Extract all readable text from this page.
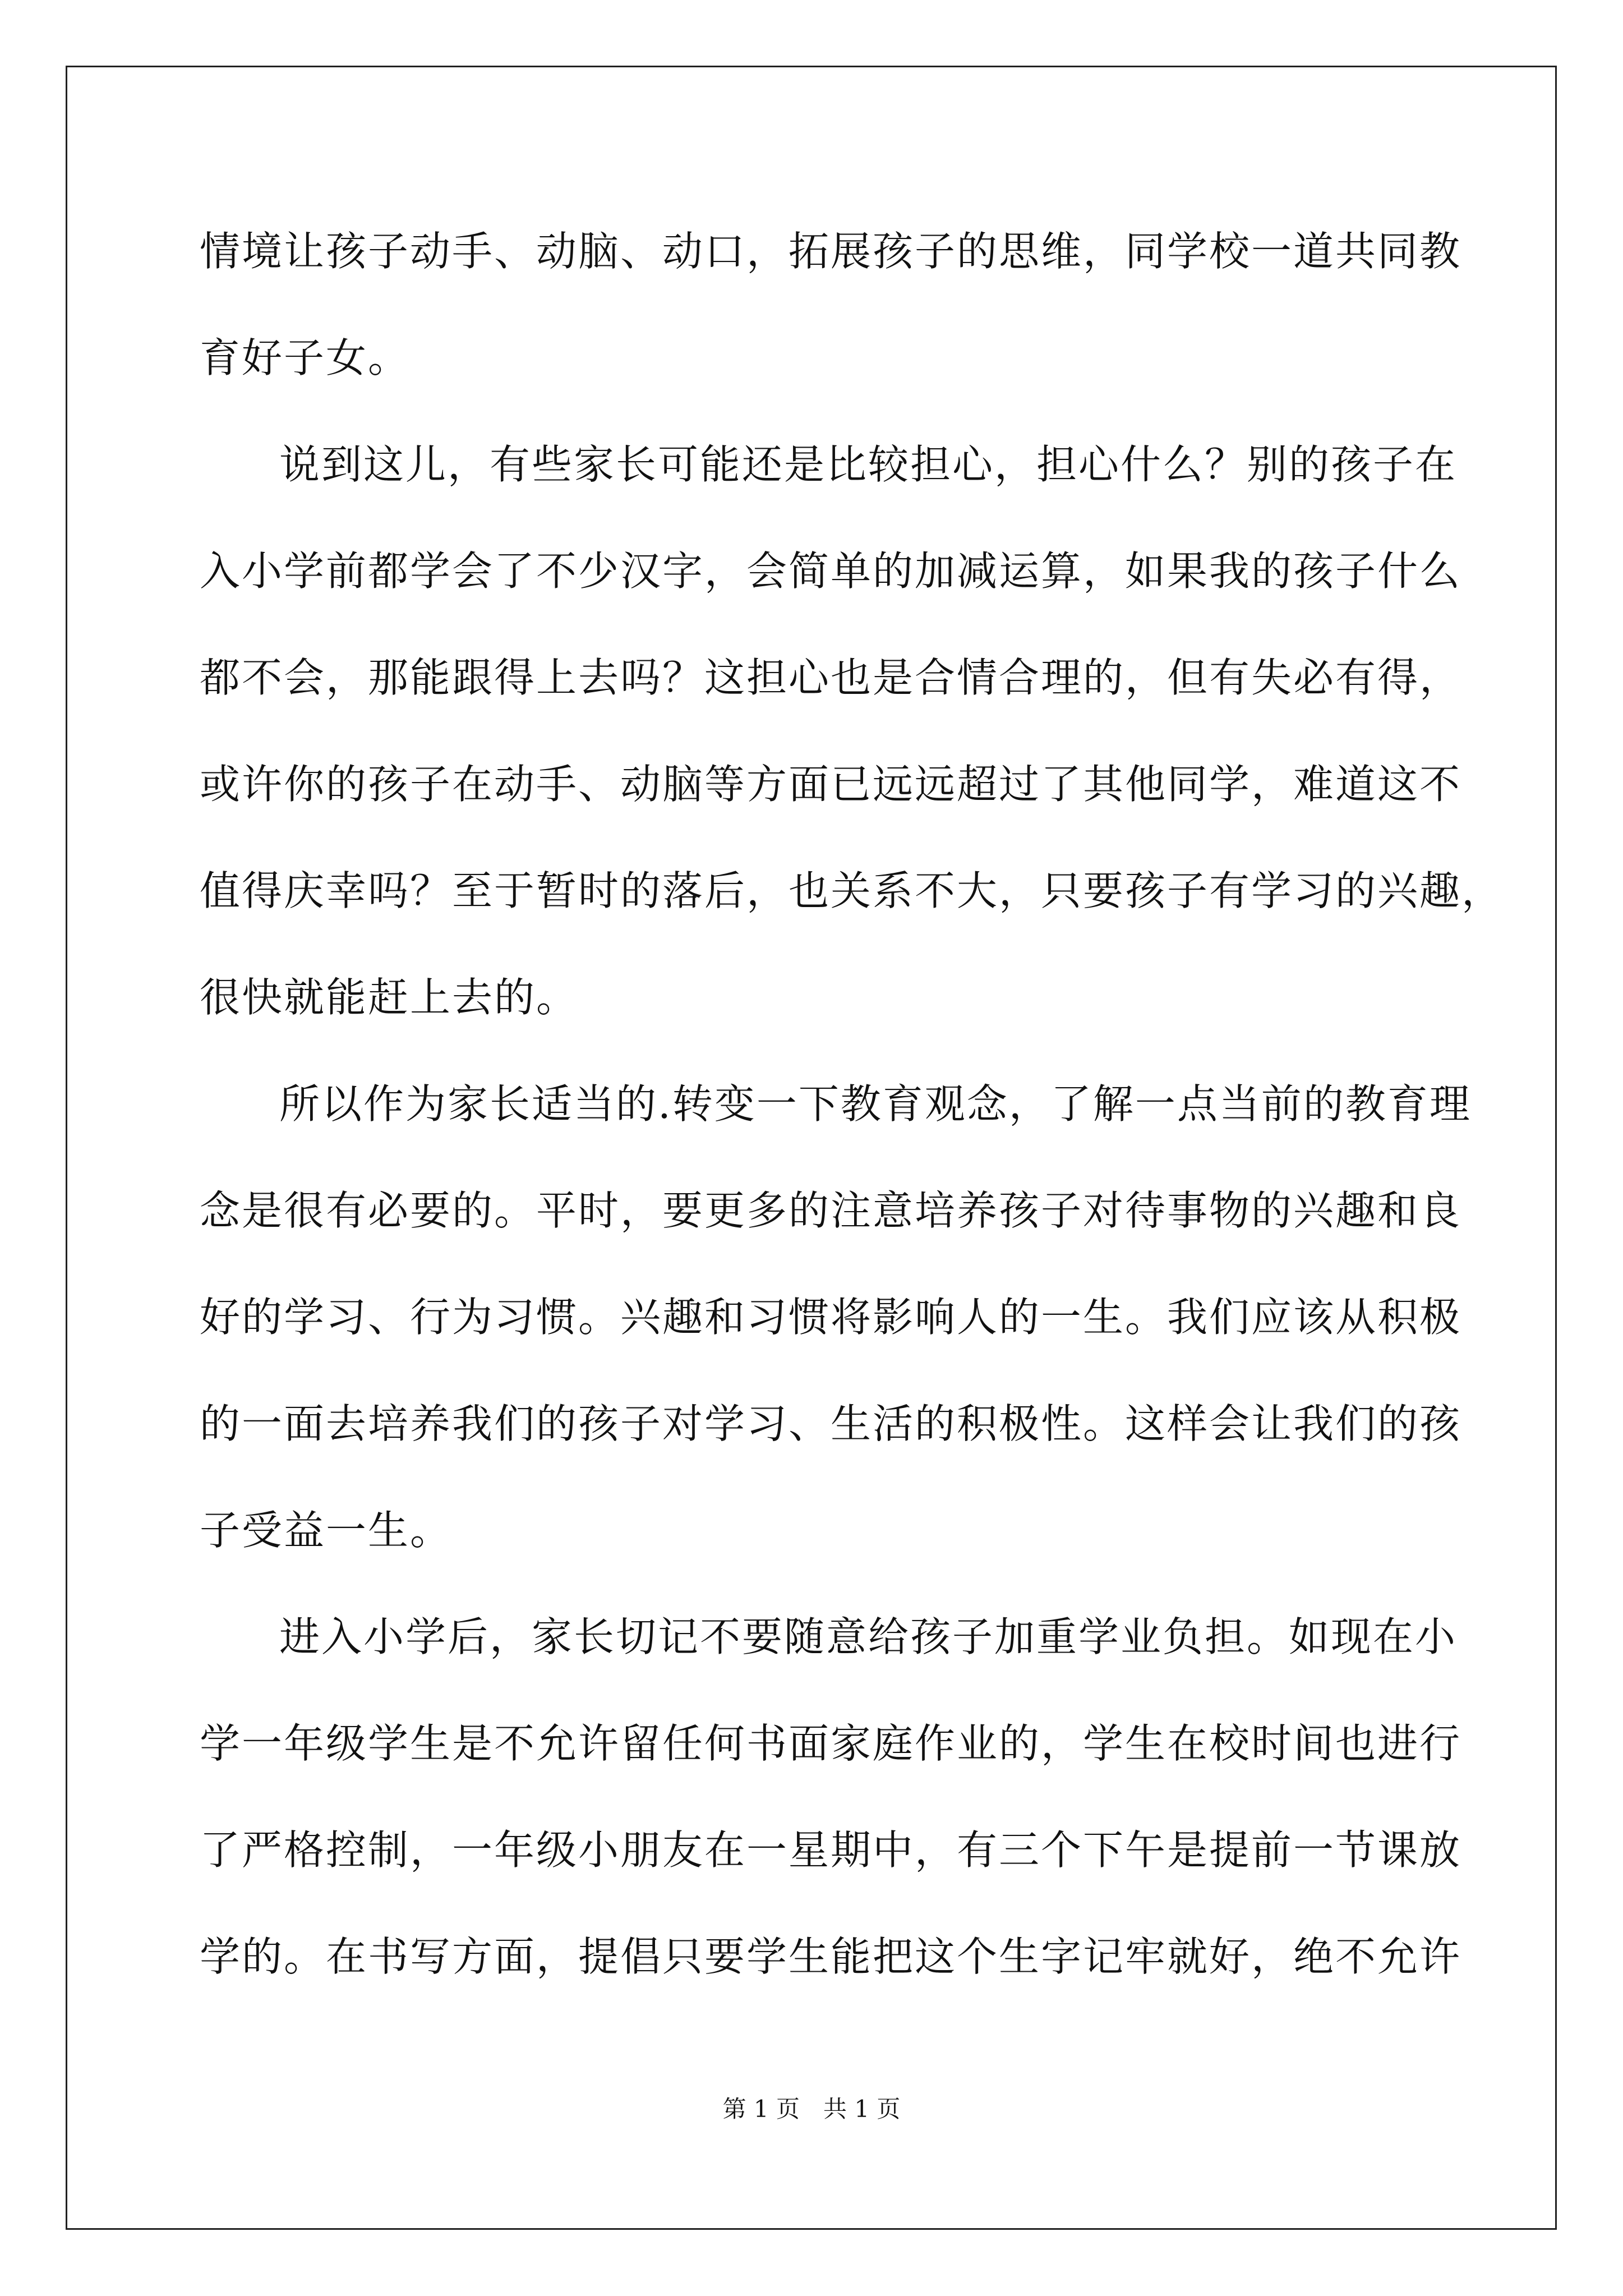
情境让孩子动手、动脑、动口，拓展孩子的思维，同学校一道共同教
育好子女。
说到这儿，有些家长可能还是比较担心，担心什么？别的孩子在
入小学前都学会了不少汉字，会简单的加减运算，如果我的孩子什么
都不会，那能跟得上去吗？这担心也是合情合理的，但有失必有得，
或许你的孩子在动手、动脑等方面已远远超过了其他同学，难道这不
值得庆幸吗？至于暂时的落后，也关系不大，只要孩子有学习的兴趣，
很快就能赶上去的。
所以作为家长适当的.转变一下教育观念，了解一点当前的教育理
念是很有必要的。平时，要更多的注意培养孩子对待事物的兴趣和良
好的学习、行为习惯。兴趣和习惯将影响人的一生。我们应该从积极
的一面去培养我们的孩子对学习、生活的积极性。这样会让我们的孩
子受益一生。
进入小学后，家长切记不要随意给孩子加重学业负担。如现在小
学一年级学生是不允许留任何书面家庭作业的，学生在校时间也进行
了严格控制，一年级小朋友在一星期中，有三个下午是提前一节课放
学的。在书写方面，提倡只要学生能把这个生字记牢就好，绝不允许
第 1 页　共 1 页
